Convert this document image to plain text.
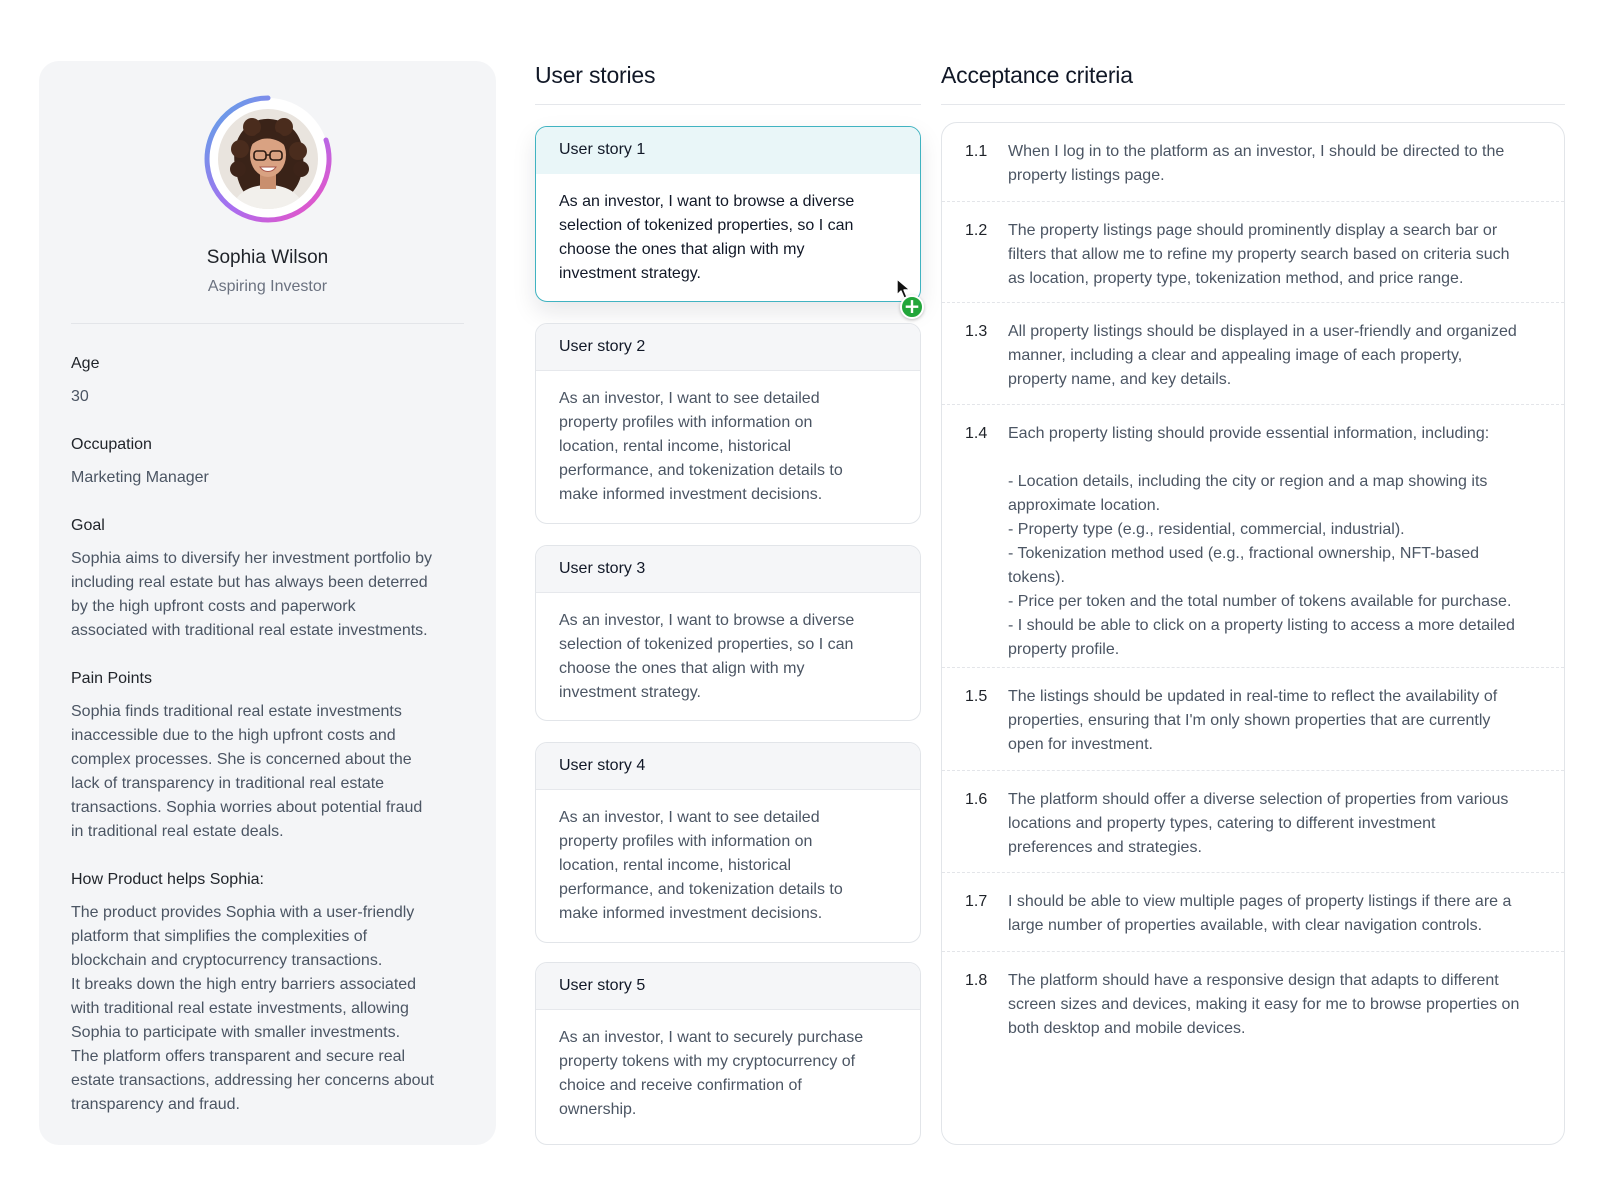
Sophia Wilson
Aspiring Investor
Age
30
Occupation
Marketing Manager
Goal
Sophia aims to diversify her investment portfolio by
including real estate but has always been deterred
by the high upfront costs and paperwork
associated with traditional real estate investments.
Pain Points
Sophia finds traditional real estate investments
inaccessible due to the high upfront costs and
complex processes. She is concerned about the
lack of transparency in traditional real estate
transactions. Sophia worries about potential fraud
in traditional real estate deals.
How Product helps Sophia:
The product provides Sophia with a user-friendly
platform that simplifies the complexities of
blockchain and cryptocurrency transactions.
It breaks down the high entry barriers associated
with traditional real estate investments, allowing
Sophia to participate with smaller investments.
The platform offers transparent and secure real
estate transactions, addressing her concerns about
transparency and fraud.
User stories
User story 1
As an investor, I want to browse a diverse
selection of tokenized properties, so I can
choose the ones that align with my
investment strategy.
User story 2
As an investor, I want to see detailed
property profiles with information on
location, rental income, historical
performance, and tokenization details to
make informed investment decisions.
User story 3
As an investor, I want to browse a diverse
selection of tokenized properties, so I can
choose the ones that align with my
investment strategy.
User story 4
As an investor, I want to see detailed
property profiles with information on
location, rental income, historical
performance, and tokenization details to
make informed investment decisions.
User story 5
As an investor, I want to securely purchase
property tokens with my cryptocurrency of
choice and receive confirmation of
ownership.
+
Acceptance criteria
1.1 When I log in to the platform as an investor, I should be directed to the
property listings page.
1.2 The property listings page should prominently display a search bar or
filters that allow me to refine my property search based on criteria such
as location, property type, tokenization method, and price range.
1.3 All property listings should be displayed in a user-friendly and organized
manner, including a clear and appealing image of each property,
property name, and key details.
1.4 Each property listing should provide essential information, including:
- Location details, including the city or region and a map showing its
approximate location.
- Property type (e.g., residential, commercial, industrial).
- Tokenization method used (e.g., fractional ownership, NFT-based
tokens).
- Price per token and the total number of tokens available for purchase.
- I should be able to click on a property listing to access a more detailed
property profile.
1.5 The listings should be updated in real-time to reflect the availability of
properties, ensuring that I'm only shown properties that are currently
open for investment.
1.6 The platform should offer a diverse selection of properties from various
locations and property types, catering to different investment
preferences and strategies.
1.7 I should be able to view multiple pages of property listings if there are a
large number of properties available, with clear navigation controls.
1.8 The platform should have a responsive design that adapts to different
screen sizes and devices, making it easy for me to browse properties on
both desktop and mobile devices.
